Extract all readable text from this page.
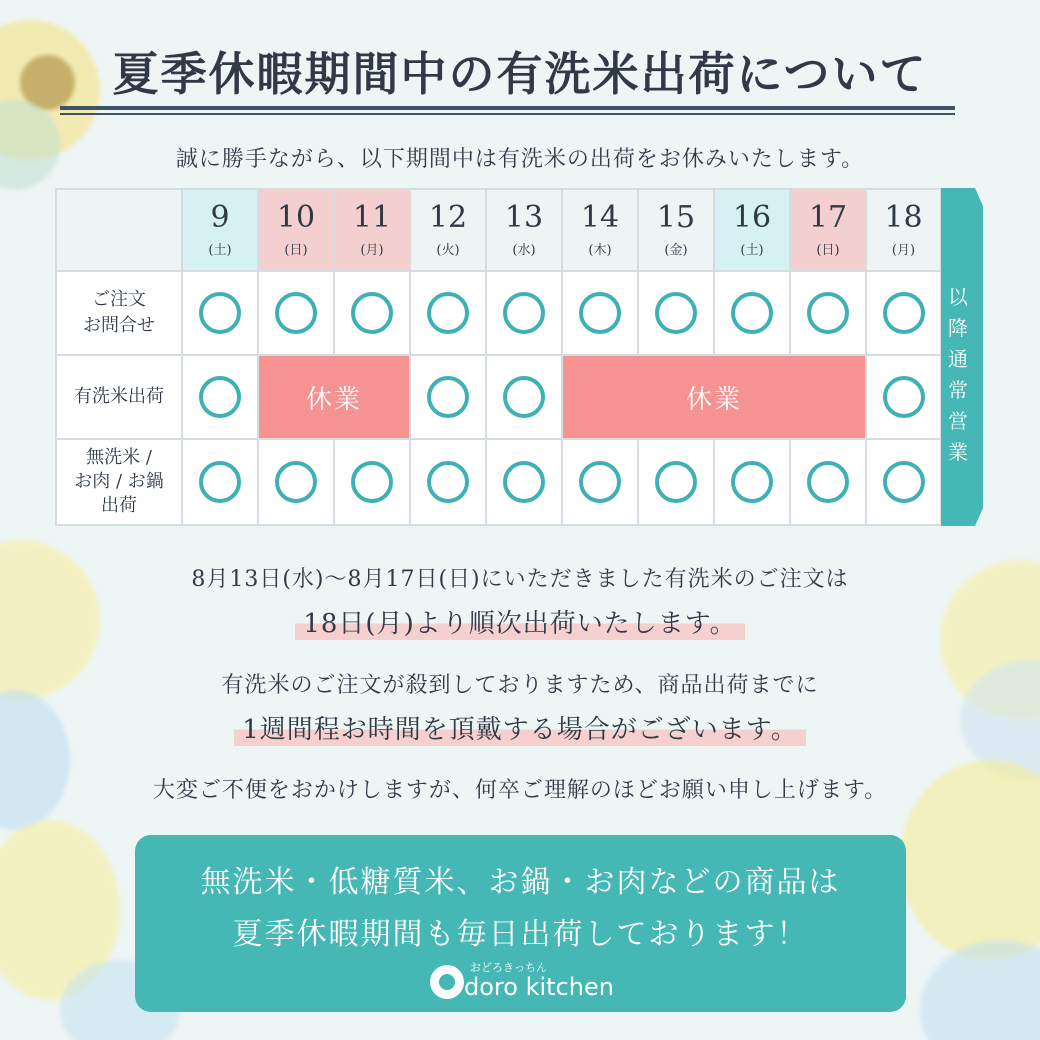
夏季休暇期間中の有洗米出荷について
誠に勝手ながら、以下期間中は有洗米の出荷をお休みいたします。
9
(土)
10
(日)
11
(月)
12
(火)
13
(水)
14
(木)
15
(金)
16
(土)
17
(日)
18
(月)
ご注文
お問合せ
有洗米出荷	休業	休業
無洗米 /
お肉 / お鍋
出荷
以
降
通
常
営
業
8月13日(水)〜8月17日(日)にいただきました有洗米のご注文は
18日(月)より順次出荷いたします。
有洗米のご注文が殺到しておりますため、商品出荷までに
1週間程お時間を頂戴する場合がございます。
大変ご不便をおかけしますが、何卒ご理解のほどお願い申し上げます。
無洗米・低糖質米、お鍋・お肉などの商品は
夏季休暇期間も毎日出荷しております！
おどろきっちん
doro kitchen
